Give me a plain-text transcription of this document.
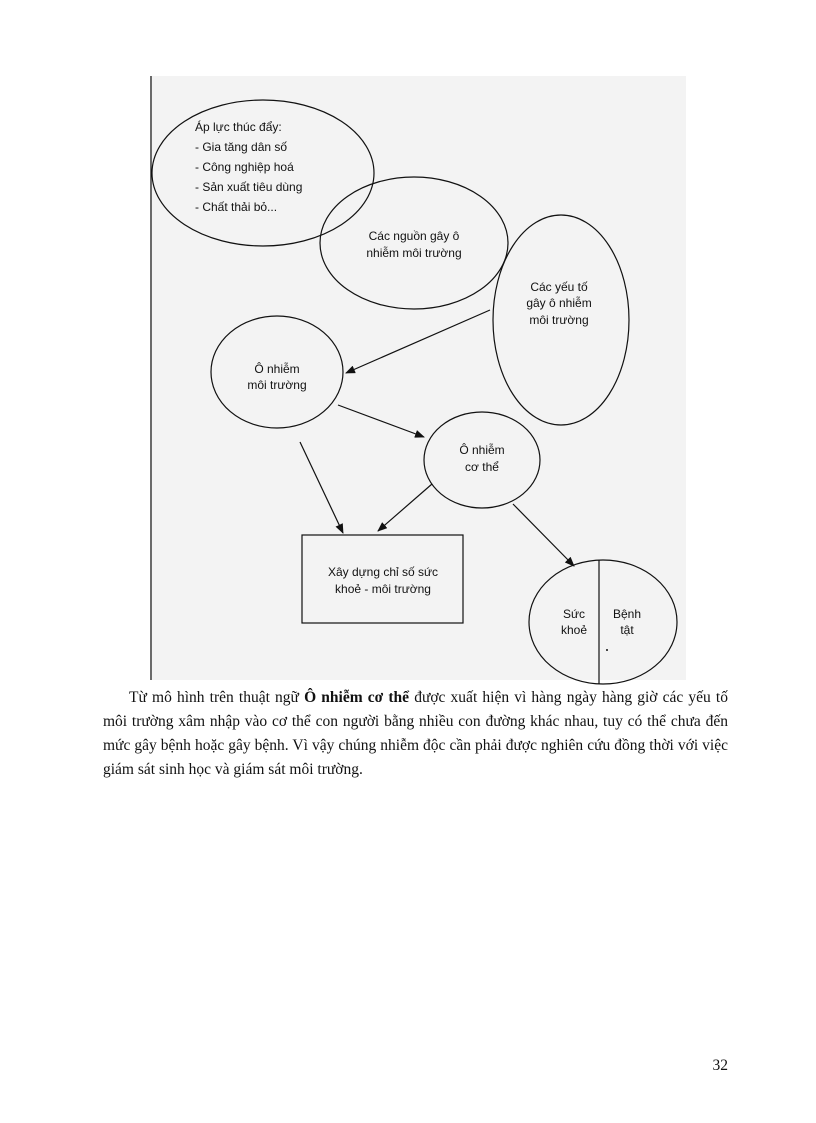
Áp lực thúc đẩy:
- Gia tăng dân số
- Công nghiệp hoá
- Sản xuất tiêu dùng
- Chất thải bỏ...
Các nguồn gây ô
nhiễm môi trường
Các yếu tố
gây ô nhiễm
môi trường
Ô nhiễm
môi trường
Ô nhiễm
cơ thể
Xây dựng chỉ số sức
khoẻ - môi trường
Sức
khoẻ
Bệnh
tật

Từ mô hình trên thuật ngữ Ô nhiễm cơ thể được xuất hiện vì hàng ngày hàng giờ các yếu tố môi trường xâm nhập vào cơ thể con người bằng nhiều con đường khác nhau, tuy có thể chưa đến mức gây bệnh hoặc gây bệnh. Vì vậy chúng nhiễm độc cần phải được nghiên cứu đồng thời với việc giám sát sinh học và giám sát môi trường.

32
